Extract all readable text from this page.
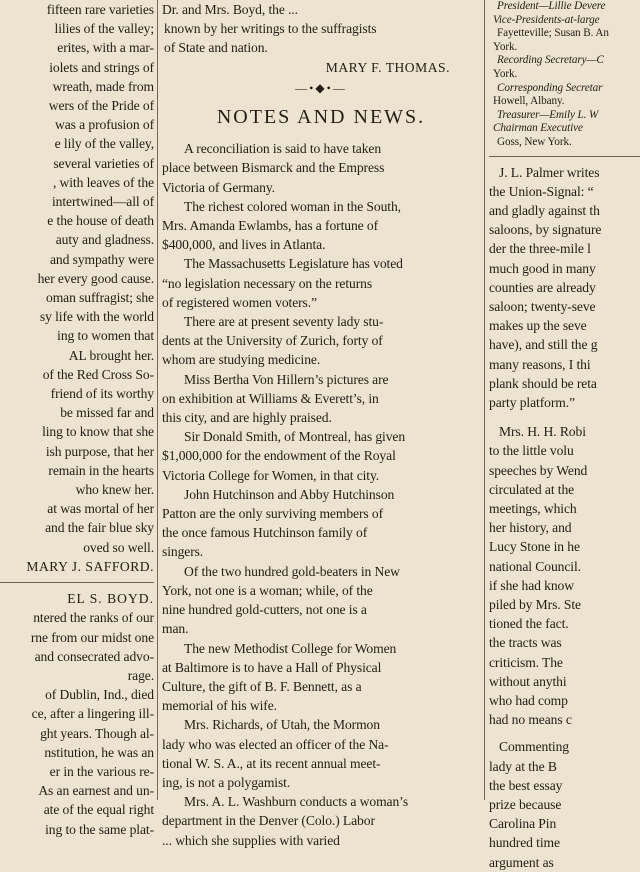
fifteen rare varieties
lilies of the valley;
erites, with a mar-
iolets and strings of
wreath, made from
wers of the Pride of
was a profusion of
e lily of the valley,
several varieties of
, with leaves of the
intertwined—all of
e the house of death
auty and gladness.
and sympathy were
her every good cause.
oman suffragist; she
sy life with the world
ing to women that
AL brought her.
of the Red Cross So-
friend of its worthy
be missed far and
ling to know that she
ish purpose, that her
remain in the hearts
who knew her.
at was mortal of her
and the fair blue sky
oved so well.
MARY J. SAFFORD.
EL S. BOYD.
ntered the ranks of our
rne from our midst one
and consecrated advo-
rage.
of Dublin, Ind., died
ce, after a lingering ill-
ght years. Though al-
nstitution, he was an
er in the various re-
As an earnest and un-
ate of the equal right
ing to the same plat-
Dr. and Mrs. Boyd, the ...
known by her writings to the suffragists
of State and nation.
MARY F. THOMAS.
—•◆•—
NOTES AND NEWS.
A reconciliation is said to have taken
place between Bismarck and the Empress
Victoria of Germany.
The richest colored woman in the South,
Mrs. Amanda Ewlambs, has a fortune of
$400,000, and lives in Atlanta.
The Massachusetts Legislature has voted
“no legislation necessary on the returns
of registered women voters.”
There are at present seventy lady stu-
dents at the University of Zurich, forty of
whom are studying medicine.
Miss Bertha Von Hillern’s pictures are
on exhibition at Williams & Everett’s, in
this city, and are highly praised.
Sir Donald Smith, of Montreal, has given
$1,000,000 for the endowment of the Royal
Victoria College for Women, in that city.
John Hutchinson and Abby Hutchinson
Patton are the only surviving members of
the once famous Hutchinson family of
singers.
Of the two hundred gold-beaters in New
York, not one is a woman; while, of the
nine hundred gold-cutters, not one is a
man.
The new Methodist College for Women
at Baltimore is to have a Hall of Physical
Culture, the gift of B. F. Bennett, as a
memorial of his wife.
Mrs. Richards, of Utah, the Mormon
lady who was elected an officer of the Na-
tional W. S. A., at its recent annual meet-
ing, is not a polygamist.
Mrs. A. L. Washburn conducts a woman’s
department in the Denver (Colo.) Labor
... which she supplies with varied
President—Lillie Devere
Vice-Presidents-at-large
Fayetteville; Susan B. An
York.
Recording Secretary—C
York.
Corresponding Secretar
Howell, Albany.
Treasurer—Emily L. W
Chairman Executive
Goss, New York.
J. L. Palmer writes
the Union-Signal: “
and gladly against th
saloons, by signature
der the three-mile l
much good in many
counties are already
saloon; twenty-seve
makes up the seve
have), and still the g
many reasons, I thi
plank should be reta
party platform.”
Mrs. H. H. Robi
to the little volu
speeches by Wend
circulated at the
meetings, which
her history, and
Lucy Stone in he
national Council.
if she had know
piled by Mrs. Ste
tioned the fact.
the tracts was
criticism. The
without anythi
who had comp
had no means c
Commenting
lady at the B
the best essay
prize because
Carolina Pin
hundred time
argument as
